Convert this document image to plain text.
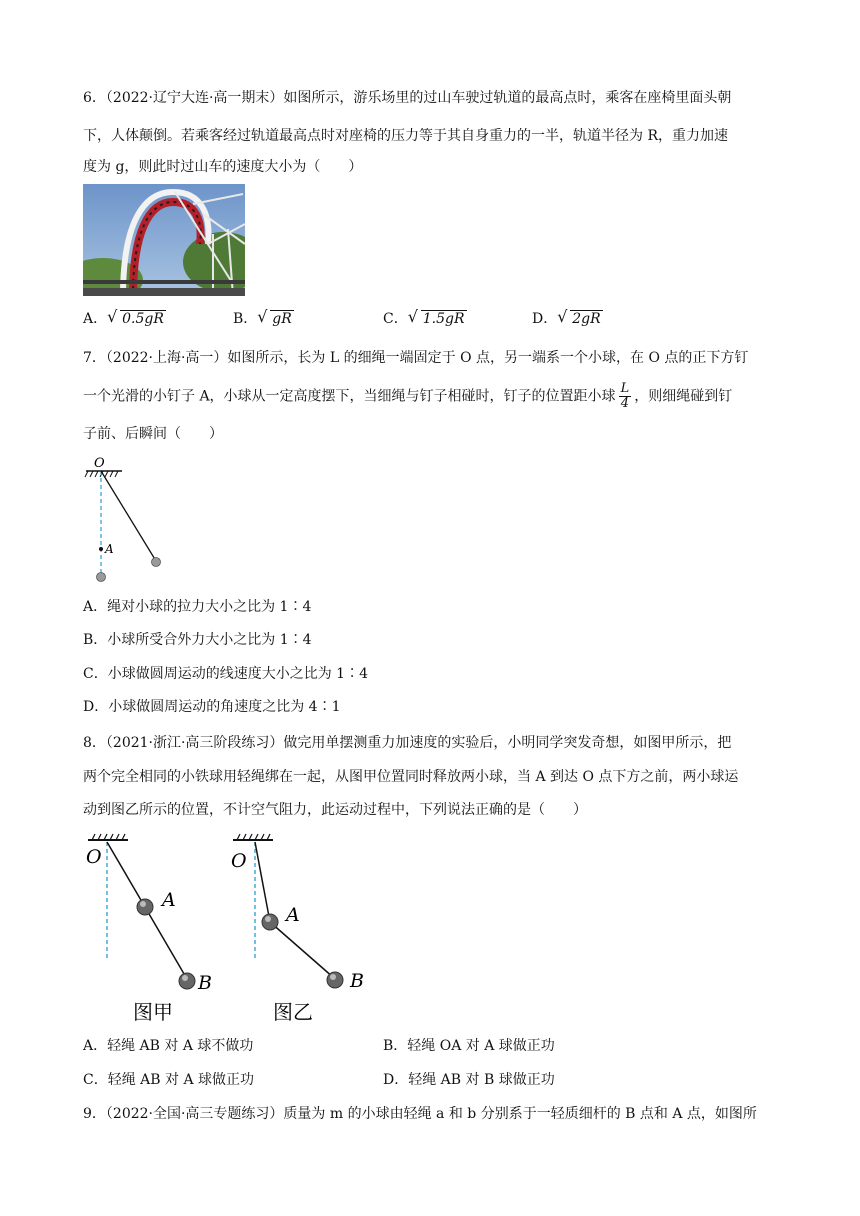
6．（2022·辽宁大连·高一期末）如图所示，游乐场里的过山车驶过轨道的最高点时，乘客在座椅里面头朝
下，人体颠倒。若乘客经过轨道最高点时对座椅的压力等于其自身重力的一半，轨道半径为 R，重力加速
度为 g，则此时过山车的速度大小为（　　）
A． √ 0.5gR	B． √ gR	C． √ 1.5gR	D． √ 2gR
7．（2022·上海·高一）如图所示，长为 L 的细绳一端固定于 O 点，另一端系一个小球，在 O 点的正下方钉
一个光滑的小钉子 A，小球从一定高度摆下，当细绳与钉子相碰时，钉子的位置距小球 $\frac{L}{4}$ ，则细绳碰到钉
子前、后瞬间（　　）
O
A
A．绳对小球的拉力大小之比为 1∶4
B．小球所受合外力大小之比为 1∶4
C．小球做圆周运动的线速度大小之比为 1∶4
D．小球做圆周运动的角速度之比为 4∶1
8．（2021·浙江·高三阶段练习）做完用单摆测重力加速度的实验后，小明同学突发奇想，如图甲所示，把
两个完全相同的小铁球用轻绳绑在一起，从图甲位置同时释放两小球，当 A 到达 O 点下方之前，两小球运
动到图乙所示的位置，不计空气阻力，此运动过程中，下列说法正确的是（　　）
O
A
B
图甲
O
A
B
图乙
A．轻绳 AB 对 A 球不做功	B．轻绳 OA 对 A 球做正功
C．轻绳 AB 对 A 球做正功	D．轻绳 AB 对 B 球做正功
9．（2022·全国·高三专题练习）质量为 m 的小球由轻绳 a 和 b 分别系于一轻质细杆的 B 点和 A 点，如图所
